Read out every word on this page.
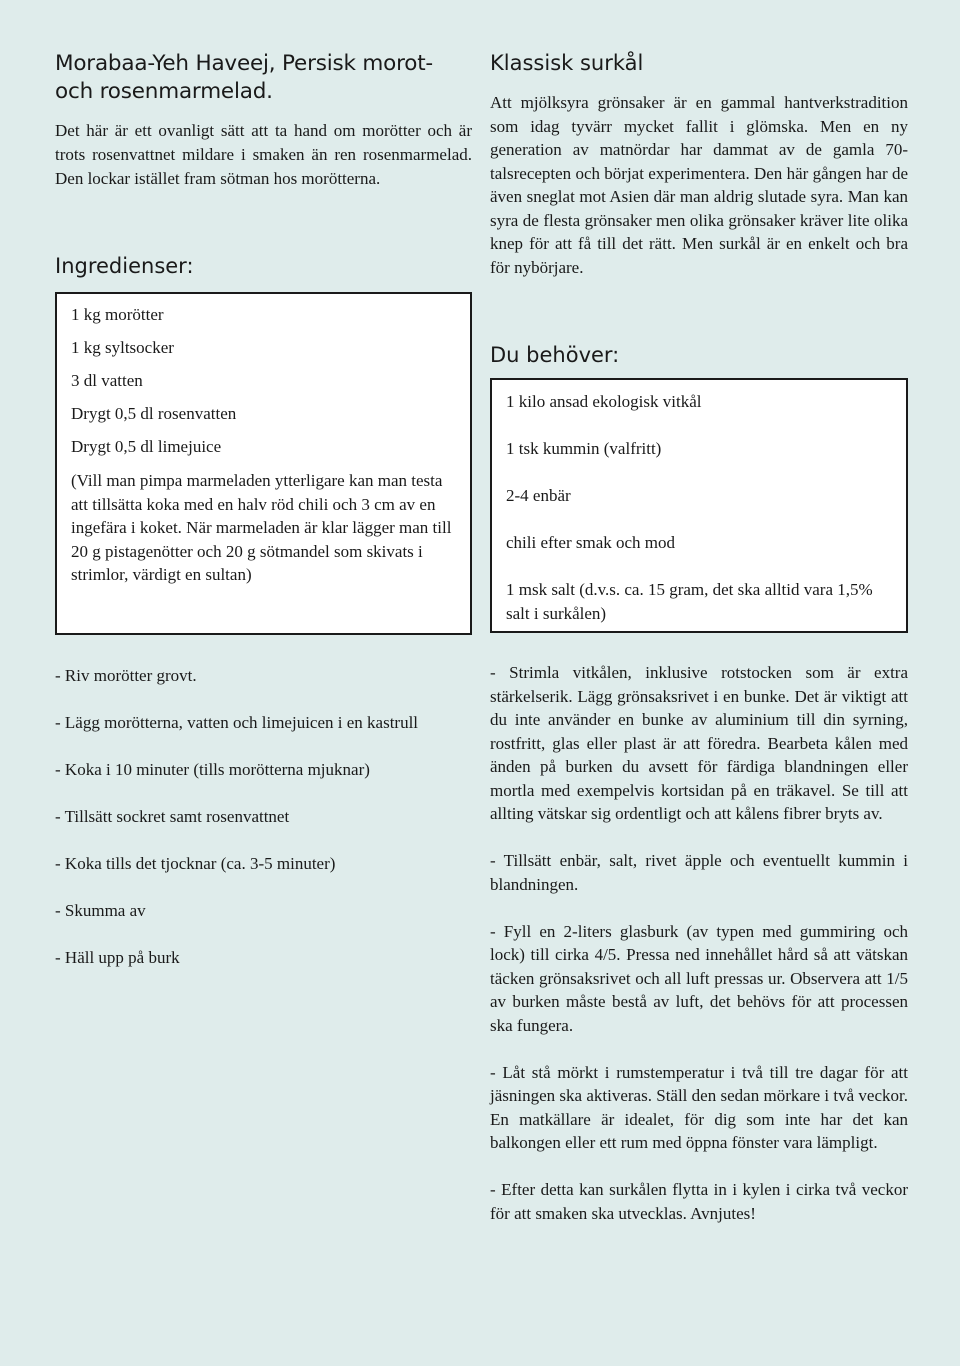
Morabaa-Yeh Haveej, Persisk morot-
och rosenmarmelad.

Det här är ett ovanligt sätt att ta hand om morötter och är trots rosenvattnet mildare i smaken än ren rosenmarmelad. Den lockar istället fram sötman hos morötterna.

Ingredienser:

1 kg morötter

1 kg syltsocker

3 dl vatten

Drygt 0,5 dl rosenvatten

Drygt 0,5 dl limejuice

(Vill man pimpa marmeladen ytterligare kan man testa att tillsätta koka med en halv röd chili och 3 cm av en ingefära i koket. När marmeladen är klar lägger man till 20 g pistagenötter och 20 g sötmandel som skivats i strimlor, värdigt en sultan)

- Riv morötter grovt.

- Lägg morötterna, vatten och limejuicen i en kastrull

- Koka i 10 minuter (tills morötterna mjuknar)

- Tillsätt sockret samt rosenvattnet

- Koka tills det tjocknar (ca. 3-5 minuter)

- Skumma av

- Häll upp på burk

Klassisk surkål

Att mjölksyra grönsaker är en gammal hantverkstradition som idag tyvärr mycket fallit i glömska. Men en ny generation av matnördar har dammat av de gamla 70-talsrecepten och börjat experimentera. Den här gången har de även sneglat mot Asien där man aldrig slutade syra. Man kan syra de flesta grönsaker men olika grönsaker kräver lite olika knep för att få till det rätt. Men surkål är en enkelt och bra för nybörjare.

Du behöver:

1 kilo ansad ekologisk vitkål

1 tsk kummin (valfritt)

2-4 enbär

chili efter smak och mod

1 msk salt (d.v.s. ca. 15 gram, det ska alltid vara 1,5% salt i surkålen)

- Strimla vitkålen, inklusive rotstocken som är extra stärkelserik. Lägg grönsaksrivet i en bunke. Det är viktigt att du inte använder en bunke av aluminium till din syrning, rostfritt, glas eller plast är att föredra. Bearbeta kålen med änden på burken du avsett för färdiga blandningen eller mortla med exempelvis kortsidan på en träkavel. Se till att allting vätskar sig ordentligt och att kålens fibrer bryts av.

- Tillsätt enbär, salt, rivet äpple och eventuellt kummin i blandningen.

- Fyll en 2-liters glasburk (av typen med gummiring och lock) till cirka 4/5. Pressa ned innehållet hård så att vätskan täcken grönsaksrivet och all luft pressas ur. Observera att 1/5 av burken måste bestå av luft, det behövs för att processen ska fungera.

- Låt stå mörkt i rumstemperatur i två till tre dagar för att jäsningen ska aktiveras. Ställ den sedan mörkare i två veckor. En matkällare är idealet, för dig som inte har det kan balkongen eller ett rum med öppna fönster vara lämpligt.

- Efter detta kan surkålen flytta in i kylen i cirka två veckor för att smaken ska utvecklas. Avnjutes!
